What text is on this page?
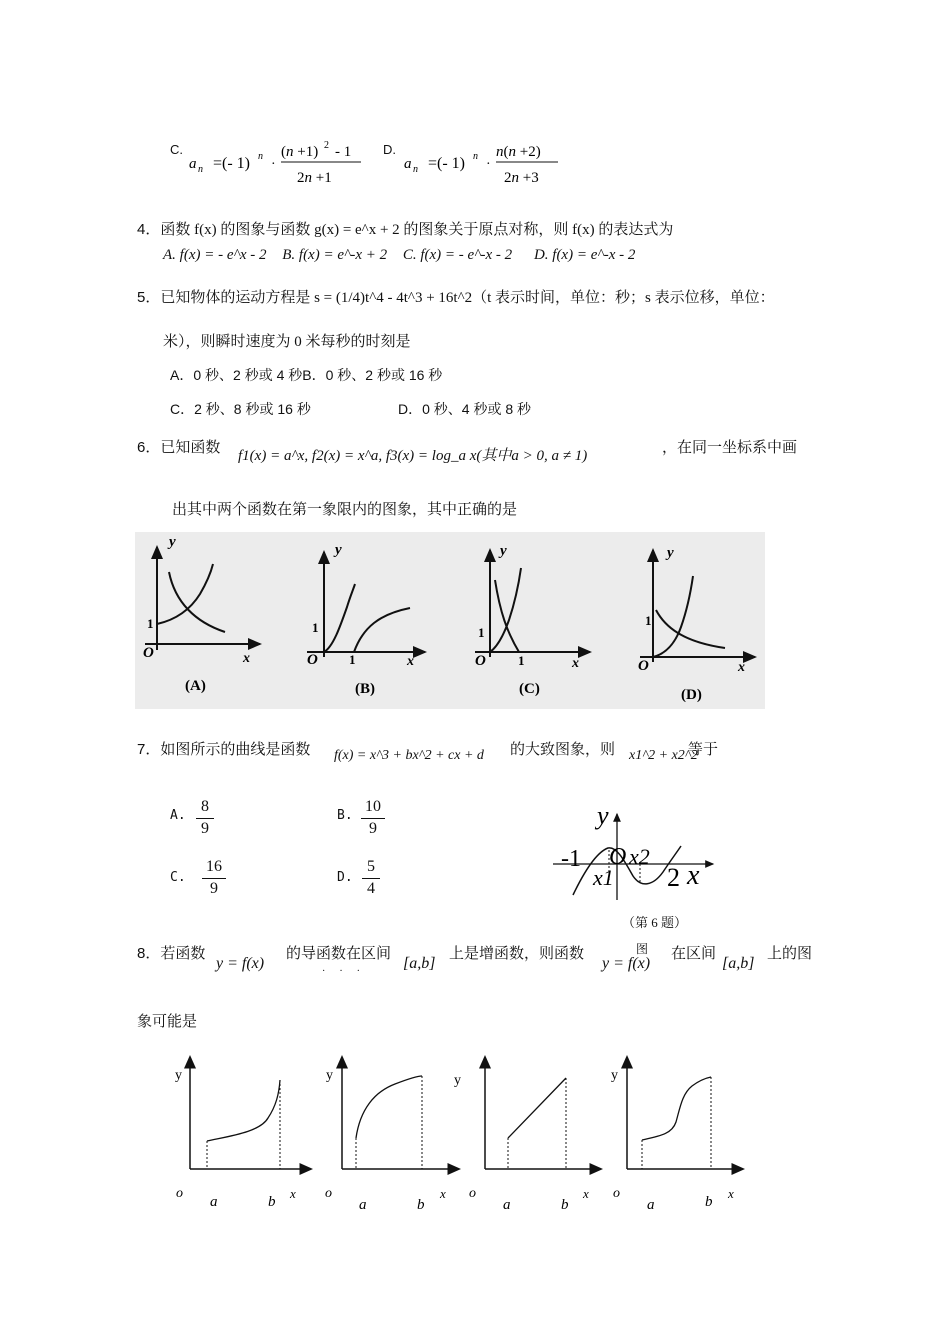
C.
a n =(- 1) n
·
(n +1) 2 - 1
2n +1
D.
a n =(- 1) n
·
n(n +2)
2n +3
4．函数 f(x) 的图象与函数 g(x) = e^x + 2 的图象关于原点对称，则 f(x) 的表达式为
A. f(x) = - e^x - 2 B. f(x) = e^-x + 2 C. f(x) = - e^-x - 2 D. f(x) = e^-x - 2
5．已知物体的运动方程是 s = (1/4)t^4 - 4t^3 + 16t^2（t 表示时间，单位：秒；s 表示位移，单位：
米），则瞬时速度为 0 米每秒的时刻是
A．0 秒、2 秒或 4 秒B．0 秒、2 秒或 16 秒
C．2 秒、8 秒或 16 秒	D．0 秒、4 秒或 8 秒
6．已知函数 f1(x) = a^x, f2(x) = x^a, f3(x) = log_a x(其中a > 0, a ≠ 1)	，在同一坐标系中画
出其中两个函数在第一象限内的图象，其中正确的是
y
1
O	x
(A)
y
1
O 1	x
(B)
y
1
O 1	x
(C)
y
1
O	x
(D)
7．如图所示的曲线是函数 f(x) = x^3 + bx^2 + cx + d 的大致图象，则 x1^2 + x2^2
等于
A.
8
9
B.
10
9
C.
16
9
D.
5
4
y
-1 O
x1
x2
2 x
（第 6 题）
图
8．若函数
y = f(x)
的导函数在区间
··· [a,b]
上是增函数，则函数
y = f(x)
在区间
[a,b]
上的图
象可能是
y
o
a	b
x
y
o
a	b
x
y
o
a	b
x
y
o
a	b
x
